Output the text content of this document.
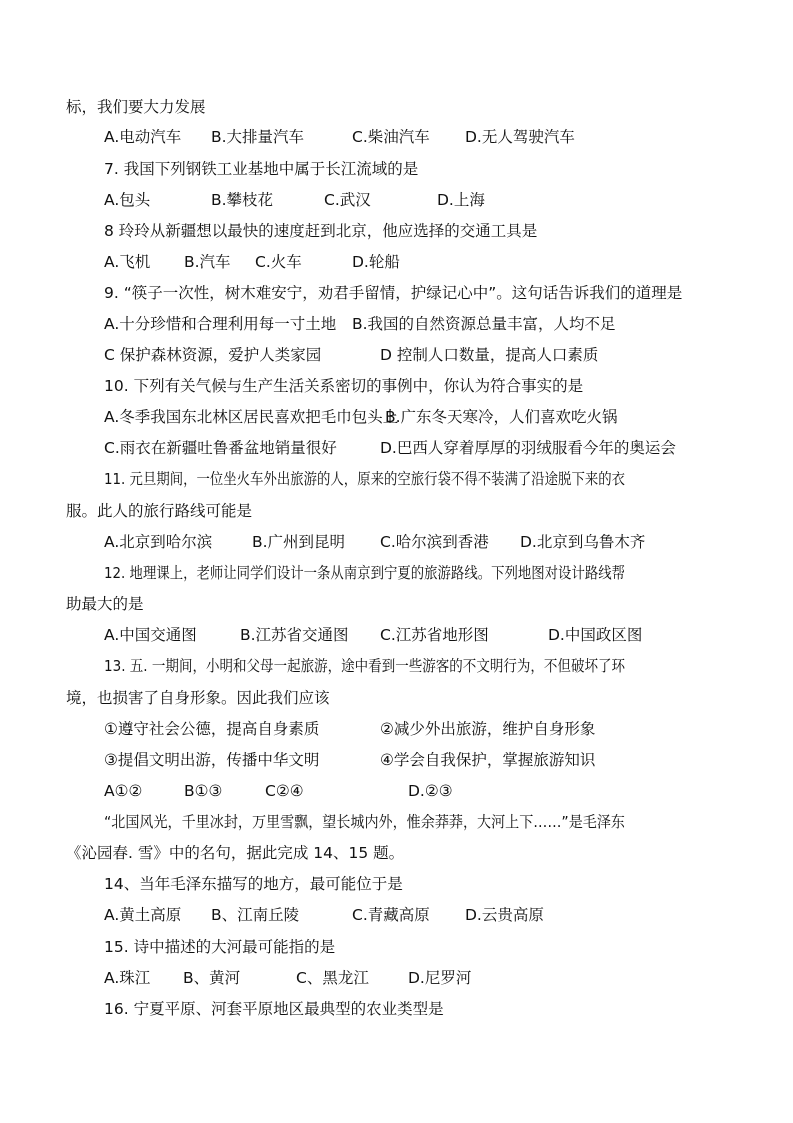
标，我们要大力发展
A.电动汽车 B.大排量汽车	C.柴油汽车 D.无人驾驶汽车
7. 我国下列钢铁工业基地中属于长江流域的是
A.包头	B.攀枝花	C.武汉	D.上海
8 玲玲从新疆想以最快的速度赶到北京，他应选择的交通工具是
A.飞机 B.汽车 C.火车	D.轮船
9. “筷子一次性，树木难安宁，劝君手留情，护绿记心中”。这句话告诉我们的道理是
A.十分珍惜和合理利用每一寸土地 B.我国的自然资源总量丰富，人均不足
C 保护森林资源，爱护人类家园	D 控制人口数量，提高人口素质
10. 下列有关气候与生产生活关系密切的事例中，你认为符合事实的是
A.冬季我国东北林区居民喜欢把毛巾包头上
B.广东冬天寒冷，人们喜欢吃火锅
C.雨衣在新疆吐鲁番盆地销量很好	D.巴西人穿着厚厚的羽绒服看今年的奥运会
11. 元旦期间，一位坐火车外出旅游的人，原来的空旅行袋不得不装满了沿途脱下来的衣
服。此人的旅行路线可能是
A.北京到哈尔滨	B.广州到昆明 C.哈尔滨到香港 D.北京到乌鲁木齐
12. 地理课上，老师让同学们设计一条从南京到宁夏的旅游路线。下列地图对设计路线帮
助最大的是
A.中国交通图	B.江苏省交通图 C.江苏省地形图	D.中国政区图
13. 五. 一期间，小明和父母一起旅游，途中看到一些游客的不文明行为，不但破坏了环
境，也损害了自身形象。因此我们应该
①遵守社会公德，提高自身素质	②减少外出旅游，维护自身形象
③提倡文明出游，传播中华文明	④学会自我保护，掌握旅游知识
A①②	B①③	C②④	D.②③
“北国风光，千里冰封，万里雪飘，望长城内外，惟余莽莽，大河上下……”是毛泽东
《沁园春. 雪》中的名句，据此完成 14、15 题。
14、当年毛泽东描写的地方，最可能位于是
A.黄土高原 B、江南丘陵	C.青藏高原 D.云贵高原
15. 诗中描述的大河最可能指的是
A.珠江 B、黄河	C、黑龙江	D.尼罗河
16. 宁夏平原、河套平原地区最典型的农业类型是
